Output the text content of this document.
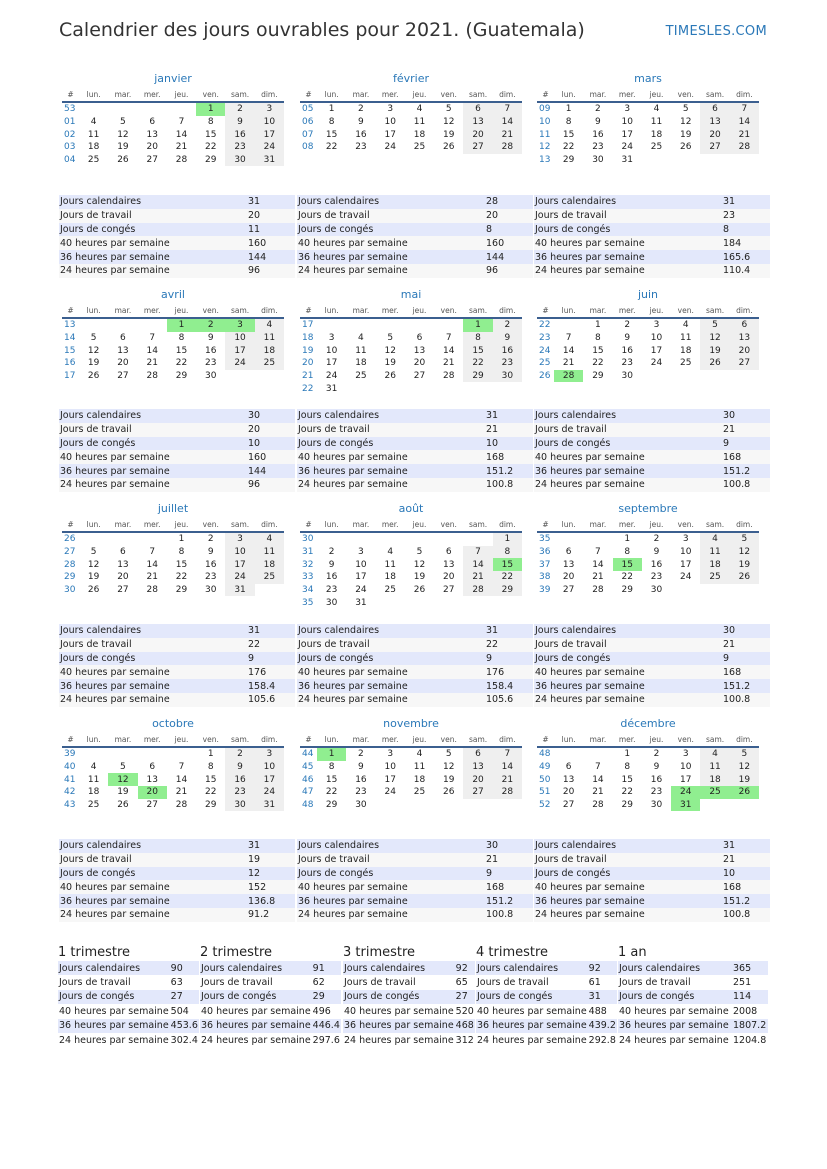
Calendrier des jours ouvrables pour 2021. (Guatemala)	TIMESLES.COM
janvier
#	lun.	mar.	mer.	jeu.	ven.	sam.	dim.
53					1	2	3
01	4	5	6	7	8	9	10
02	11	12	13	14	15	16	17
03	18	19	20	21	22	23	24
04	25	26	27	28	29	30	31
Jours calendaires	31
Jours de travail	20
Jours de congés	11
40 heures par semaine	160
36 heures par semaine	144
24 heures par semaine	96
février
#	lun.	mar.	mer.	jeu.	ven.	sam.	dim.
05	1	2	3	4	5	6	7
06	8	9	10	11	12	13	14
07	15	16	17	18	19	20	21
08	22	23	24	25	26	27	28
Jours calendaires	28
Jours de travail	20
Jours de congés	8
40 heures par semaine	160
36 heures par semaine	144
24 heures par semaine	96
mars
#	lun.	mar.	mer.	jeu.	ven.	sam.	dim.
09	1	2	3	4	5	6	7
10	8	9	10	11	12	13	14
11	15	16	17	18	19	20	21
12	22	23	24	25	26	27	28
13	29	30	31				
Jours calendaires	31
Jours de travail	23
Jours de congés	8
40 heures par semaine	184
36 heures par semaine	165.6
24 heures par semaine	110.4
avril
#	lun.	mar.	mer.	jeu.	ven.	sam.	dim.
13				1	2	3	4
14	5	6	7	8	9	10	11
15	12	13	14	15	16	17	18
16	19	20	21	22	23	24	25
17	26	27	28	29	30		
Jours calendaires	30
Jours de travail	20
Jours de congés	10
40 heures par semaine	160
36 heures par semaine	144
24 heures par semaine	96
mai
#	lun.	mar.	mer.	jeu.	ven.	sam.	dim.
17						1	2
18	3	4	5	6	7	8	9
19	10	11	12	13	14	15	16
20	17	18	19	20	21	22	23
21	24	25	26	27	28	29	30
22	31						
Jours calendaires	31
Jours de travail	21
Jours de congés	10
40 heures par semaine	168
36 heures par semaine	151.2
24 heures par semaine	100.8
juin
#	lun.	mar.	mer.	jeu.	ven.	sam.	dim.
22		1	2	3	4	5	6
23	7	8	9	10	11	12	13
24	14	15	16	17	18	19	20
25	21	22	23	24	25	26	27
26	28	29	30				
Jours calendaires	30
Jours de travail	21
Jours de congés	9
40 heures par semaine	168
36 heures par semaine	151.2
24 heures par semaine	100.8
juillet
#	lun.	mar.	mer.	jeu.	ven.	sam.	dim.
26				1	2	3	4
27	5	6	7	8	9	10	11
28	12	13	14	15	16	17	18
29	19	20	21	22	23	24	25
30	26	27	28	29	30	31	
Jours calendaires	31
Jours de travail	22
Jours de congés	9
40 heures par semaine	176
36 heures par semaine	158.4
24 heures par semaine	105.6
août
#	lun.	mar.	mer.	jeu.	ven.	sam.	dim.
30							1
31	2	3	4	5	6	7	8
32	9	10	11	12	13	14	15
33	16	17	18	19	20	21	22
34	23	24	25	26	27	28	29
35	30	31					
Jours calendaires	31
Jours de travail	22
Jours de congés	9
40 heures par semaine	176
36 heures par semaine	158.4
24 heures par semaine	105.6
septembre
#	lun.	mar.	mer.	jeu.	ven.	sam.	dim.
35			1	2	3	4	5
36	6	7	8	9	10	11	12
37	13	14	15	16	17	18	19
38	20	21	22	23	24	25	26
39	27	28	29	30			
Jours calendaires	30
Jours de travail	21
Jours de congés	9
40 heures par semaine	168
36 heures par semaine	151.2
24 heures par semaine	100.8
octobre
#	lun.	mar.	mer.	jeu.	ven.	sam.	dim.
39					1	2	3
40	4	5	6	7	8	9	10
41	11	12	13	14	15	16	17
42	18	19	20	21	22	23	24
43	25	26	27	28	29	30	31
Jours calendaires	31
Jours de travail	19
Jours de congés	12
40 heures par semaine	152
36 heures par semaine	136.8
24 heures par semaine	91.2
novembre
#	lun.	mar.	mer.	jeu.	ven.	sam.	dim.
44	1	2	3	4	5	6	7
45	8	9	10	11	12	13	14
46	15	16	17	18	19	20	21
47	22	23	24	25	26	27	28
48	29	30					
Jours calendaires	30
Jours de travail	21
Jours de congés	9
40 heures par semaine	168
36 heures par semaine	151.2
24 heures par semaine	100.8
décembre
#	lun.	mar.	mer.	jeu.	ven.	sam.	dim.
48			1	2	3	4	5
49	6	7	8	9	10	11	12
50	13	14	15	16	17	18	19
51	20	21	22	23	24	25	26
52	27	28	29	30	31		
Jours calendaires	31
Jours de travail	21
Jours de congés	10
40 heures par semaine	168
36 heures par semaine	151.2
24 heures par semaine	100.8
1 trimestre
Jours calendaires	90
Jours de travail	63
Jours de congés	27
40 heures par semaine	504
36 heures par semaine	453.6
24 heures par semaine	302.4
2 trimestre
Jours calendaires	91
Jours de travail	62
Jours de congés	29
40 heures par semaine	496
36 heures par semaine	446.4
24 heures par semaine	297.6
3 trimestre
Jours calendaires	92
Jours de travail	65
Jours de congés	27
40 heures par semaine	520
36 heures par semaine	468
24 heures par semaine	312
4 trimestre
Jours calendaires	92
Jours de travail	61
Jours de congés	31
40 heures par semaine	488
36 heures par semaine	439.2
24 heures par semaine	292.8
1 an
Jours calendaires	365
Jours de travail	251
Jours de congés	114
40 heures par semaine	2008
36 heures par semaine	1807.2
24 heures par semaine	1204.8
